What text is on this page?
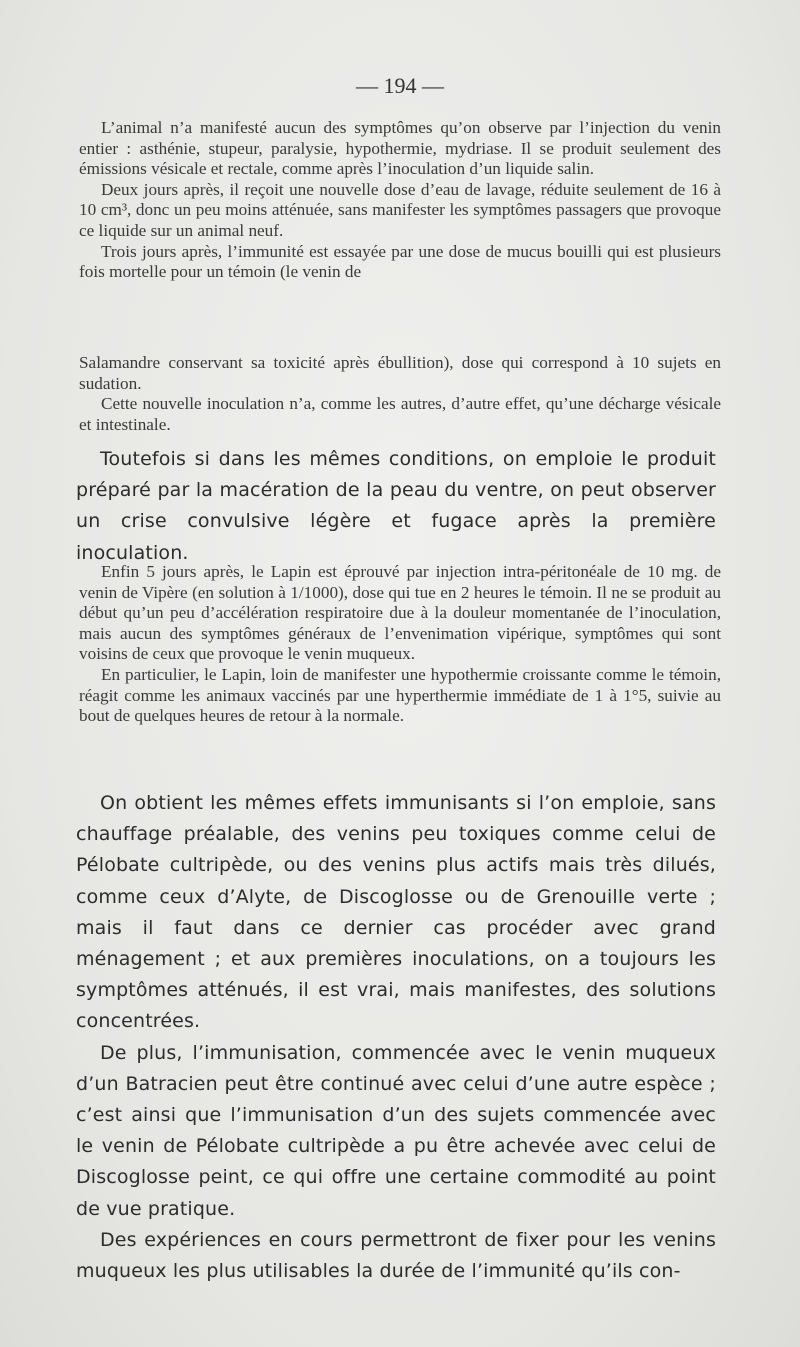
— 194 —

L’animal n’a manifesté aucun des symptômes qu’on observe par l’injection du venin entier : asthénie, stupeur, paralysie, hypothermie, mydriase. Il se produit seulement des émissions vésicale et rectale, comme après l’inoculation d’un liquide salin.

Deux jours après, il reçoit une nouvelle dose d’eau de lavage, réduite seulement de 16 à 10 cm³, donc un peu moins atténuée, sans manifester les symptômes passagers que provoque ce liquide sur un animal neuf.

Trois jours après, l’immunité est essayée par une dose de mucus bouilli qui est plusieurs fois mortelle pour un témoin (le venin de

Salamandre conservant sa toxicité après ébullition), dose qui correspond à 10 sujets en sudation.

Cette nouvelle inoculation n’a, comme les autres, d’autre effet, qu’une décharge vésicale et intestinale.

Toutefois si dans les mêmes conditions, on emploie le produit préparé par la macération de la peau du ventre, on peut observer un crise convulsive légère et fugace après la première inoculation.

Enfin 5 jours après, le Lapin est éprouvé par injection intra-péritonéale de 10 mg. de venin de Vipère (en solution à 1/1000), dose qui tue en 2 heures le témoin. Il ne se produit au début qu’un peu d’accélération respiratoire due à la douleur momentanée de l’inoculation, mais aucun des symptômes généraux de l’envenimation vipérique, symptômes qui sont voisins de ceux que provoque le venin muqueux.

En particulier, le Lapin, loin de manifester une hypothermie croissante comme le témoin, réagit comme les animaux vaccinés par une hyperthermie immédiate de 1 à 1°5, suivie au bout de quelques heures de retour à la normale.

On obtient les mêmes effets immunisants si l’on emploie, sans chauffage préalable, des venins peu toxiques comme celui de Pélobate cultripède, ou des venins plus actifs mais très dilués, comme ceux d’Alyte, de Discoglosse ou de Grenouille verte ; mais il faut dans ce dernier cas procéder avec grand ménagement ; et aux premières inoculations, on a toujours les symptômes atténués, il est vrai, mais manifestes, des solutions concentrées.

De plus, l’immunisation, commencée avec le venin muqueux d’un Batracien peut être continué avec celui d’une autre espèce ; c’est ainsi que l’immunisation d’un des sujets commencée avec le venin de Pélobate cultripède a pu être achevée avec celui de Discoglosse peint, ce qui offre une certaine commodité au point de vue pratique.

Des expériences en cours permettront de fixer pour les venins muqueux les plus utilisables la durée de l’immunité qu’ils con-
